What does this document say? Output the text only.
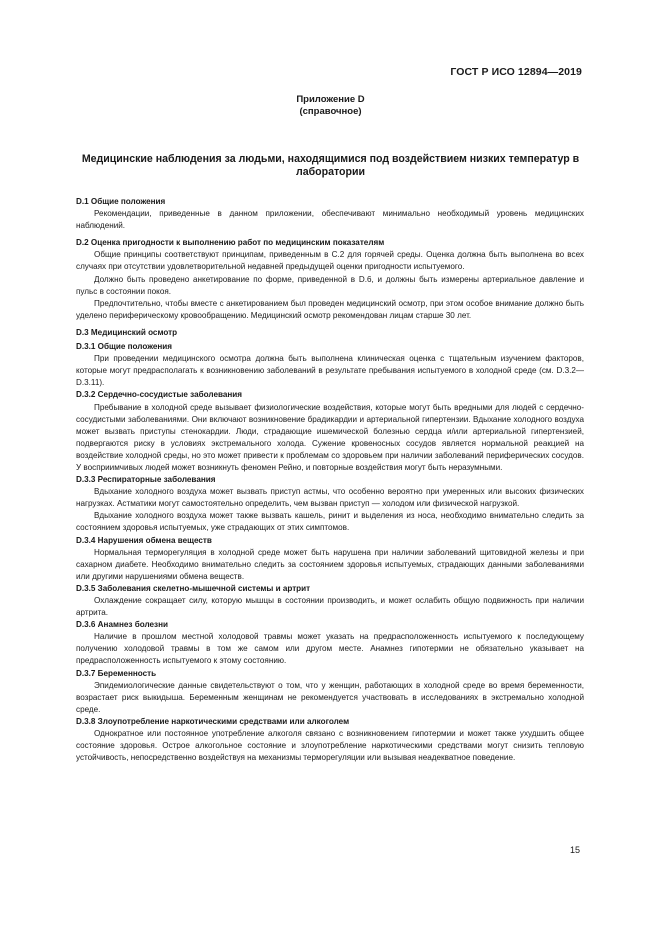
ГОСТ Р ИСО 12894—2019
Приложение D
(справочное)
Медицинские наблюдения за людьми, находящимися под воздействием низких температур в лаборатории

D.1 Общие положения

Рекомендации, приведенные в данном приложении, обеспечивают минимально необходимый уровень медицинских наблюдений.

D.2 Оценка пригодности к выполнению работ по медицинским показателям

Общие принципы соответствуют принципам, приведенным в С.2 для горячей среды. Оценка должна быть выполнена во всех случаях при отсутствии удовлетворительной недавней предыдущей оценки пригодности испытуемого.

Должно быть проведено анкетирование по форме, приведенной в D.6, и должны быть измерены артериальное давление и пульс в состоянии покоя.

Предпочтительно, чтобы вместе с анкетированием был проведен медицинский осмотр, при этом особое внимание должно быть уделено периферическому кровообращению. Медицинский осмотр рекомендован лицам старше 30 лет.

D.3 Медицинский осмотр

D.3.1 Общие положения

При проведении медицинского осмотра должна быть выполнена клиническая оценка с тщательным изучением факторов, которые могут предрасполагать к возникновению заболеваний в результате пребывания испытуемого в холодной среде (см. D.3.2—D.3.11).

D.3.2 Сердечно-сосудистые заболевания

Пребывание в холодной среде вызывает физиологические воздействия, которые могут быть вредными для людей с сердечно-сосудистыми заболеваниями. Они включают возникновение брадикардии и артериальной гипертензии. Вдыхание холодного воздуха может вызвать приступы стенокардии. Люди, страдающие ишемической болезнью сердца и/или артериальной гипертензией, подвергаются риску в условиях экстремального холода. Сужение кровеносных сосудов является нормальной реакцией на воздействие холодной среды, но это может привести к проблемам со здоровьем при наличии заболеваний периферических сосудов. У восприимчивых людей может возникнуть феномен Рейно, и повторные воздействия могут быть неразумными.

D.3.3 Респираторные заболевания

Вдыхание холодного воздуха может вызвать приступ астмы, что особенно вероятно при умеренных или высоких физических нагрузках. Астматики могут самостоятельно определить, чем вызван приступ — холодом или физической нагрузкой.

Вдыхание холодного воздуха может также вызвать кашель, ринит и выделения из носа, необходимо внимательно следить за состоянием здоровья испытуемых, уже страдающих от этих симптомов.

D.3.4 Нарушения обмена веществ

Нормальная терморегуляция в холодной среде может быть нарушена при наличии заболеваний щитовидной железы и при сахарном диабете. Необходимо внимательно следить за состоянием здоровья испытуемых, страдающих данными заболеваниями или другими нарушениями обмена веществ.

D.3.5 Заболевания скелетно-мышечной системы и артрит

Охлаждение сокращает силу, которую мышцы в состоянии производить, и может ослабить общую подвижность при наличии артрита.

D.3.6 Анамнез болезни

Наличие в прошлом местной холодовой травмы может указать на предрасположенность испытуемого к последующему получению холодовой травмы в том же самом или другом месте. Анамнез гипотермии не обязательно указывает на предрасположенность испытуемого к этому состоянию.

D.3.7 Беременность

Эпидемиологические данные свидетельствуют о том, что у женщин, работающих в холодной среде во время беременности, возрастает риск выкидыша. Беременным женщинам не рекомендуется участвовать в исследованиях в экстремально холодной среде.

D.3.8 Злоупотребление наркотическими средствами или алкоголем

Однократное или постоянное употребление алкоголя связано с возникновением гипотермии и может также ухудшить общее состояние здоровья. Острое алкогольное состояние и злоупотребление наркотическими средствами могут снизить тепловую устойчивость, непосредственно воздействуя на механизмы терморегуляции или вызывая неадекватное поведение.

15
